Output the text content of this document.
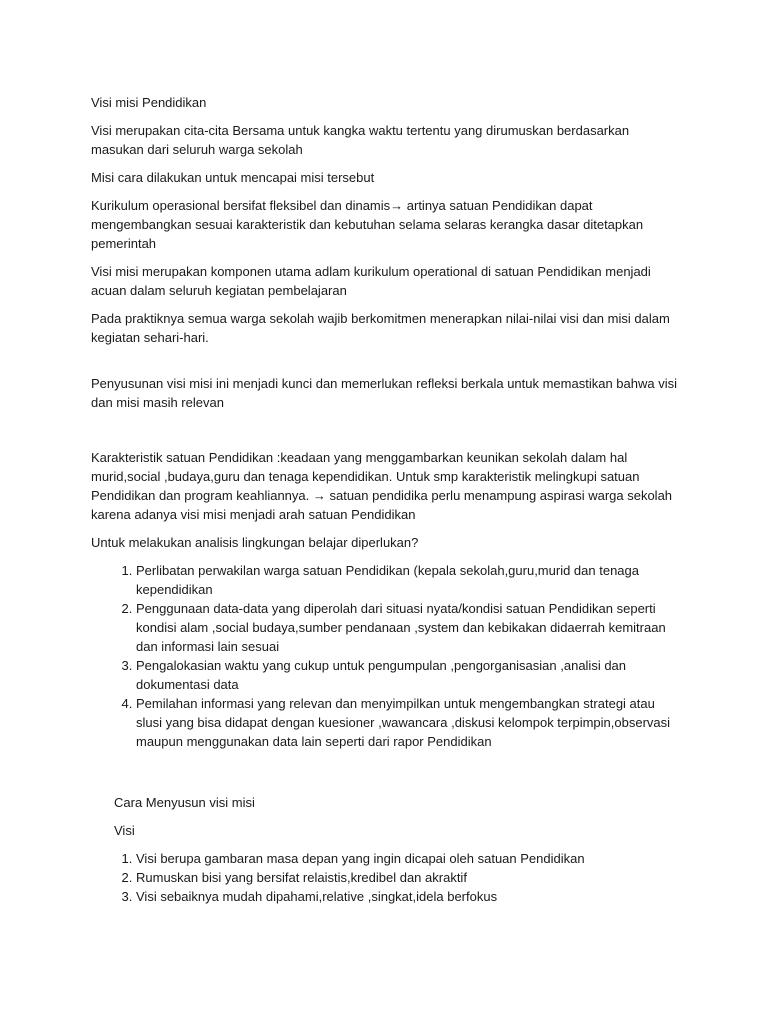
Visi misi Pendidikan

Visi merupakan cita-cita Bersama untuk kangka waktu tertentu yang dirumuskan berdasarkan masukan dari seluruh warga sekolah

Misi cara dilakukan untuk mencapai misi tersebut

Kurikulum operasional bersifat fleksibel dan dinamis→ artinya satuan Pendidikan dapat mengembangkan sesuai karakteristik dan kebutuhan selama selaras kerangka dasar ditetapkan pemerintah

Visi misi merupakan komponen utama adlam kurikulum operational di satuan Pendidikan menjadi acuan dalam seluruh kegiatan pembelajaran

Pada praktiknya semua warga sekolah wajib berkomitmen menerapkan nilai-nilai visi dan misi dalam kegiatan sehari-hari.

Penyusunan visi misi ini menjadi kunci dan memerlukan refleksi berkala untuk memastikan bahwa visi dan misi masih relevan

Karakteristik satuan Pendidikan :keadaan yang menggambarkan keunikan sekolah dalam hal murid,social ,budaya,guru dan tenaga kependidikan. Untuk smp karakteristik melingkupi satuan Pendidikan dan program keahliannya. → satuan pendidika perlu menampung aspirasi warga sekolah karena adanya visi misi menjadi arah satuan Pendidikan

Untuk melakukan analisis lingkungan belajar diperlukan?

1. Perlibatan perwakilan warga satuan Pendidikan (kepala sekolah,guru,murid dan tenaga kependidikan
2. Penggunaan data-data yang diperolah dari situasi nyata/kondisi satuan Pendidikan seperti kondisi alam ,social budaya,sumber pendanaan ,system dan kebikakan didaerrah kemitraan dan informasi lain sesuai
3. Pengalokasian waktu yang cukup untuk pengumpulan ,pengorganisasian ,analisi dan dokumentasi data
4. Pemilahan informasi yang relevan dan menyimpilkan untuk mengembangkan strategi atau slusi yang bisa didapat dengan kuesioner ,wawancara ,diskusi kelompok terpimpin,observasi maupun menggunakan data lain seperti dari rapor Pendidikan

Cara Menyusun visi misi

Visi

1. Visi berupa gambaran masa depan yang ingin dicapai oleh satuan Pendidikan
2. Rumuskan bisi yang bersifat relaistis,kredibel dan akraktif
3. Visi sebaiknya mudah dipahami,relative ,singkat,idela berfokus
